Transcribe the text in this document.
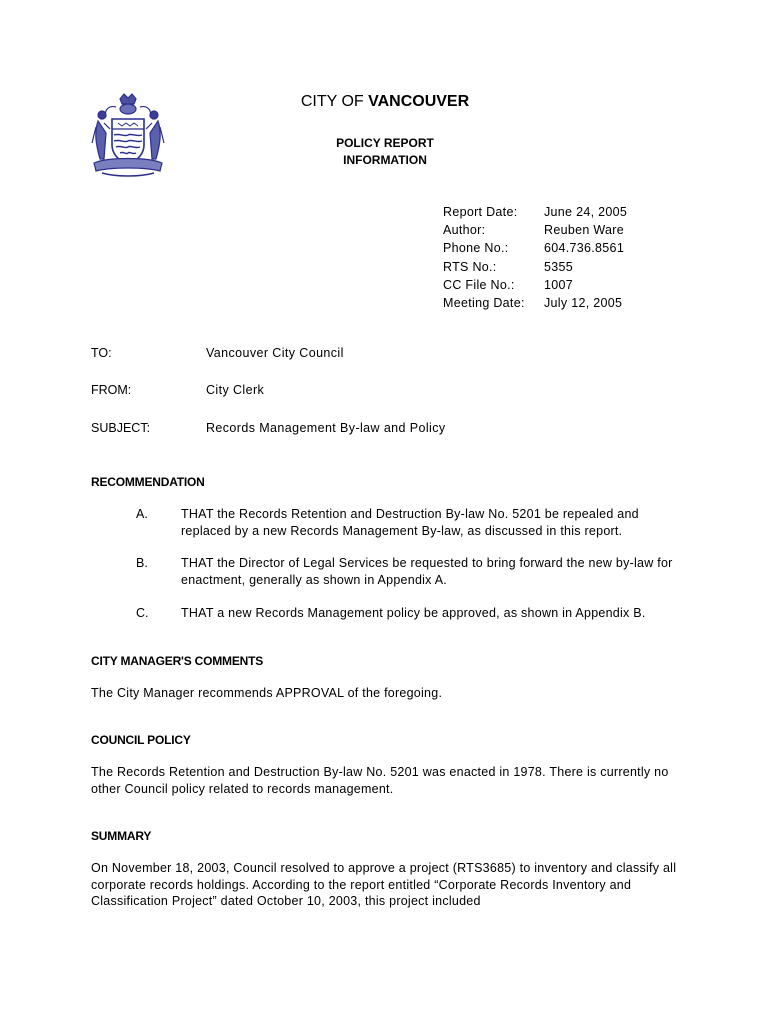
CITY OF VANCOUVER
POLICY REPORT
INFORMATION
Report Date:	June 24, 2005
Author:	Reuben Ware
Phone No.:	604.736.8561
RTS No.:	5355
CC File No.:	1007
Meeting Date:	July 12, 2005
TO:	Vancouver City Council
FROM:	City Clerk
SUBJECT:	Records Management By-law and Policy
RECOMMENDATION
A.	THAT the Records Retention and Destruction By-law No. 5201 be repealed and replaced by a new Records Management By-law, as discussed in this report.
B.	THAT the Director of Legal Services be requested to bring forward the new by-law for enactment, generally as shown in Appendix A.
C.	THAT a new Records Management policy be approved, as shown in Appendix B.
CITY MANAGER'S COMMENTS
The City Manager recommends APPROVAL of the foregoing.
COUNCIL POLICY
The Records Retention and Destruction By-law No. 5201 was enacted in 1978. There is currently no other Council policy related to records management.
SUMMARY
On November 18, 2003, Council resolved to approve a project (RTS3685) to inventory and classify all corporate records holdings. According to the report entitled “Corporate Records Inventory and Classification Project” dated October 10, 2003, this project included
